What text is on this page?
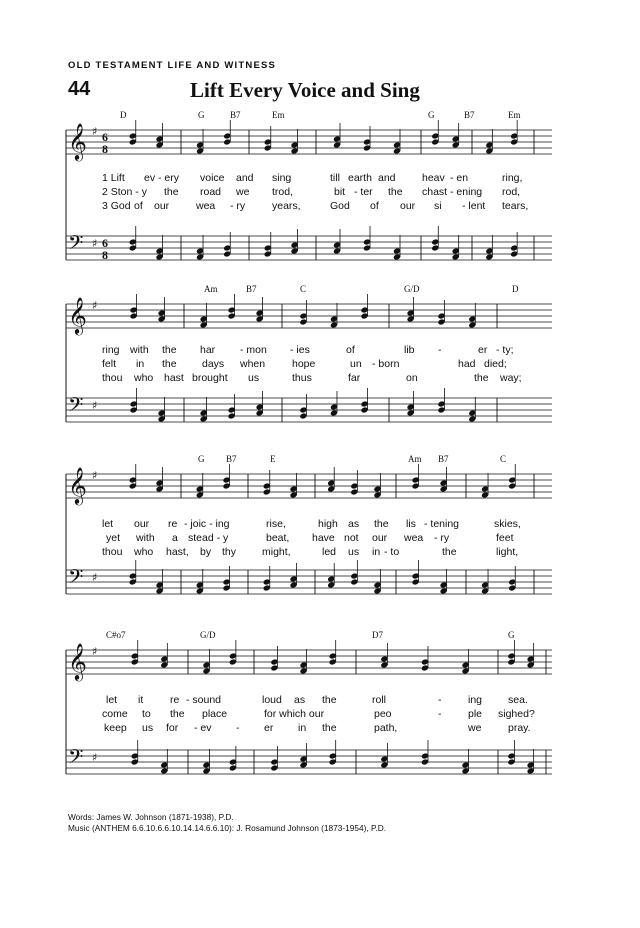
OLD TESTAMENT LIFE AND WITNESS
44	Lift Every Voice and Sing
D	G	B7	Em	G	B7	Em
𝄞 ♯ 6
8
𝄢 ♯ 6
8
1 Lift ev - ery voice and sing	till earth and	heav - en	ring,
2 Ston - y the road we trod,	bit - ter the chast - ening rod,
3 God of our	wea - ry	years,	God of our si - lent tears,
Am	B7	C	G/D	D
𝄞 ♯
𝄢 ♯
ring with the har - mon - ies	of	lib -	er - ty;
felt in the days when	hope	un - born	had died;
thou who hast brought us	thus	far	on	the way;
G B7	E	Am B7	C
𝄞 ♯
𝄢 ♯
let our re - joic - ing	rise,	high as the lis - tening	skies,
yet with a stead - y	beat, have not our wea - ry	feet
thou who hast, by thy might,	led us in - to	the	light,
C#o7	G/D	D7	G
𝄞 ♯
𝄢 ♯
let it	re - sound	loud as the	roll	-	ing sea.
come to the place	for which our	peo	-	ple sighed?
keep us for - ev - er in the	path,	we	pray.
Words: James W. Johnson (1871-1938), P.D.
Music (ANTHEM 6.6.10.6.6.10.14.14.6.6.10): J. Rosamund Johnson (1873-1954), P.D.
